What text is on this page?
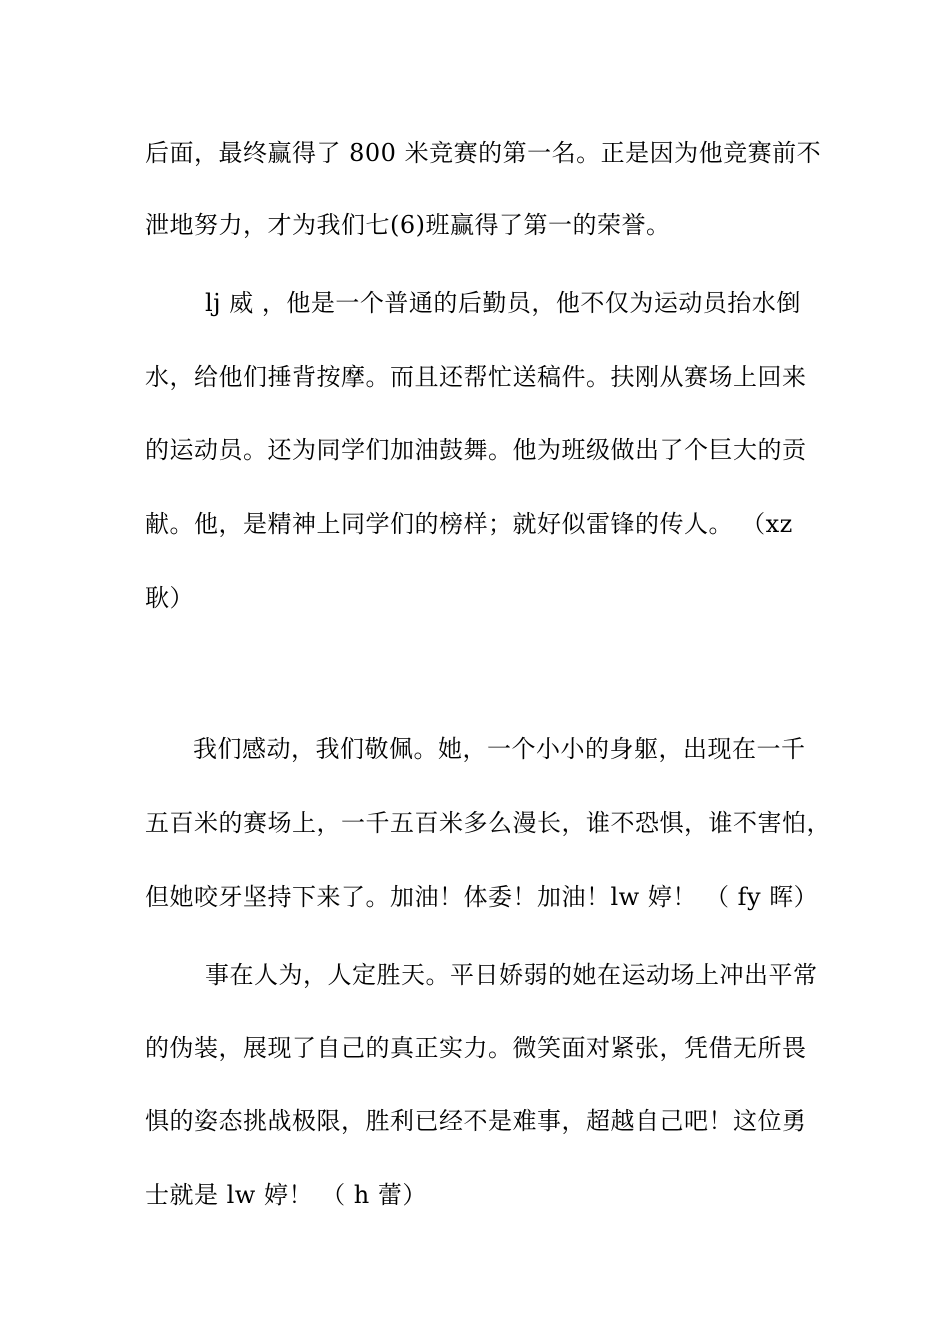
后面，最终赢得了 800 米竞赛的第一名。正是因为他竞赛前不
泄地努力，才为我们七(6)班赢得了第一的荣誉。
lj 威 ，他是一个普通的后勤员，他不仅为运动员抬水倒
水，给他们捶背按摩。而且还帮忙送稿件。扶刚从赛场上回来
的运动员。还为同学们加油鼓舞。他为班级做出了个巨大的贡
献。他，是精神上同学们的榜样；就好似雷锋的传人。 （xz
耿）
我们感动，我们敬佩。她，一个小小的身躯，出现在一千
五百米的赛场上，一千五百米多么漫长，谁不恐惧，谁不害怕，
但她咬牙坚持下来了。加油！体委！加油！lw 婷！ （ fy 晖）
事在人为，人定胜天。平日娇弱的她在运动场上冲出平常
的伪装，展现了自己的真正实力。微笑面对紧张，凭借无所畏
惧的姿态挑战极限，胜利已经不是难事，超越自己吧！这位勇
士就是 lw 婷！ （ h 蕾）
